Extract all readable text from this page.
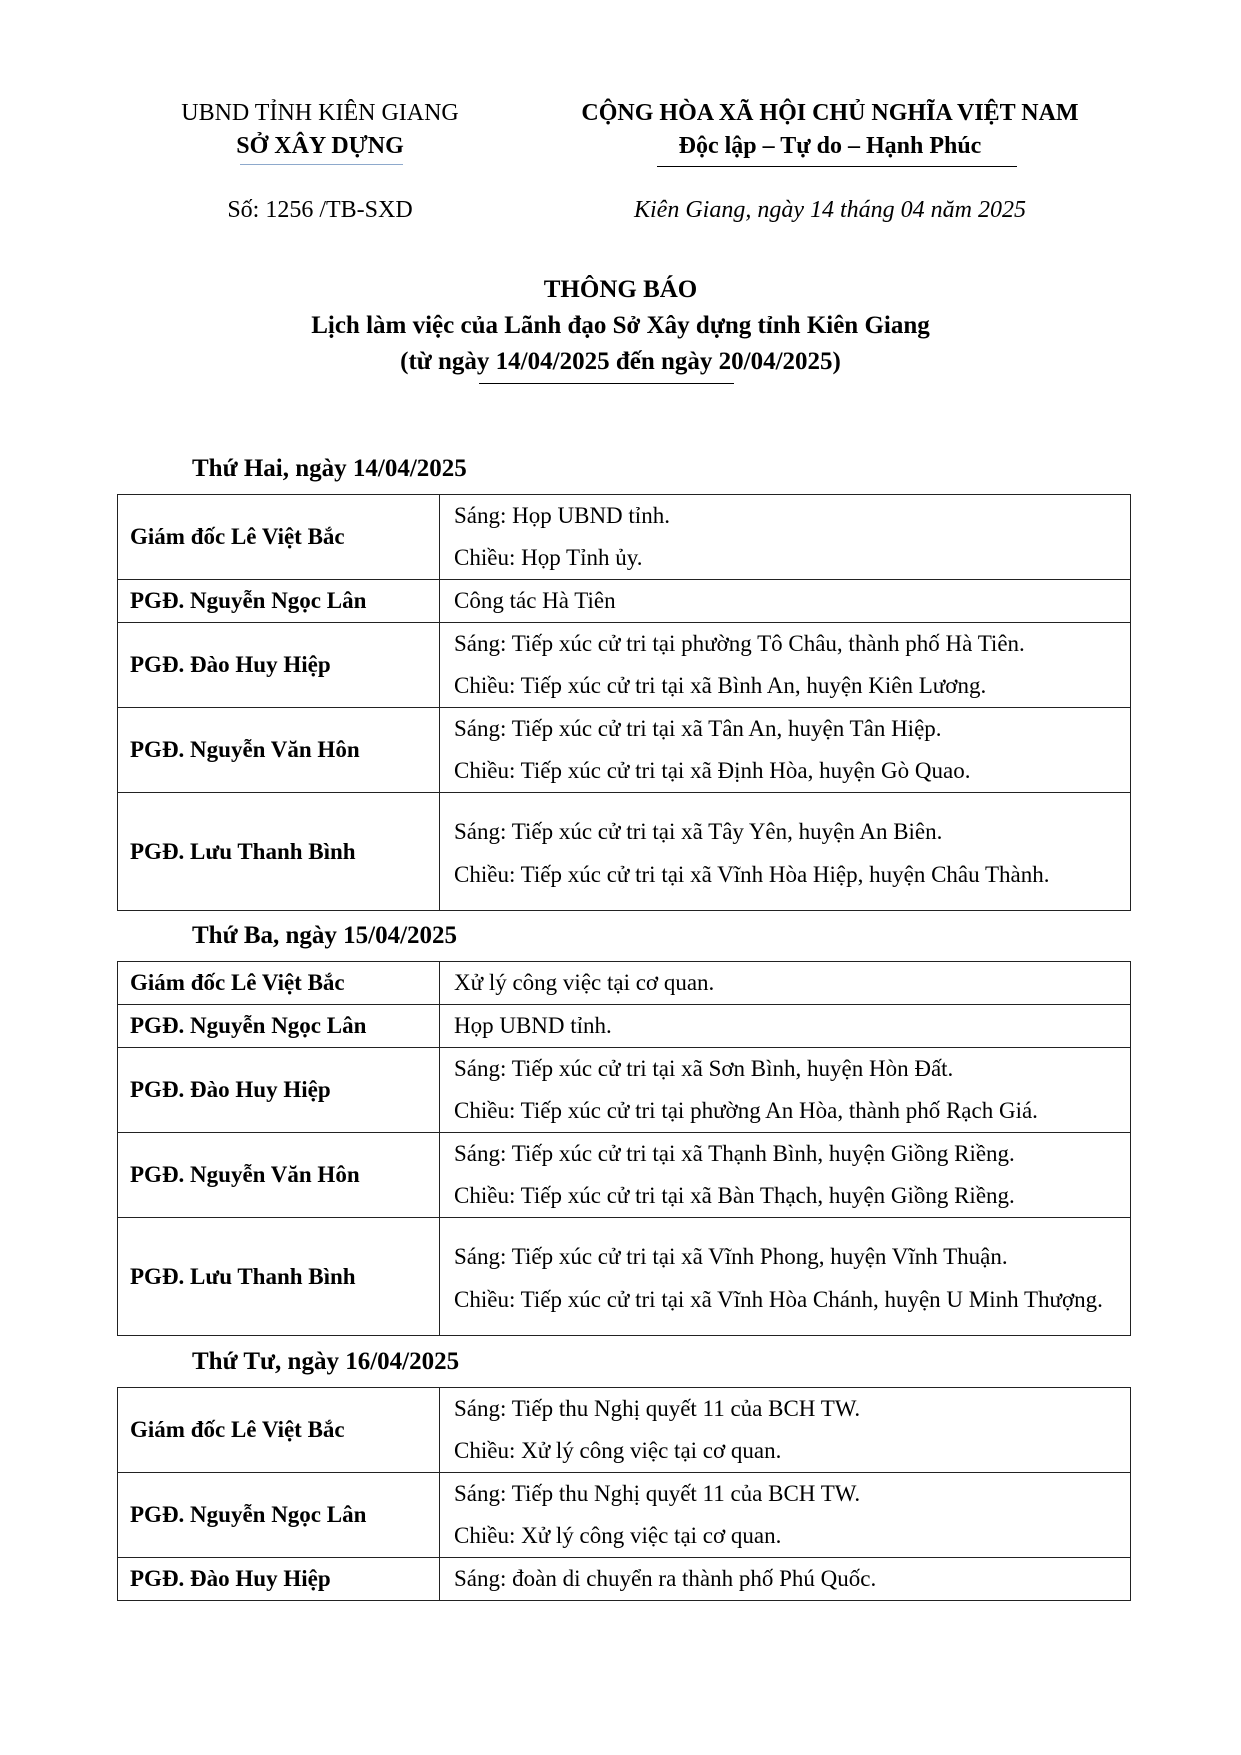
UBND TỈNH KIÊN GIANG
SỞ XÂY DỰNG
CỘNG HÒA XÃ HỘI CHỦ NGHĨA VIỆT NAM
Độc lập – Tự do – Hạnh Phúc
Số: 1256 /TB-SXD	Kiên Giang, ngày 14 tháng 04 năm 2025
THÔNG BÁO
Lịch làm việc của Lãnh đạo Sở Xây dựng tỉnh Kiên Giang
(từ ngày 14/04/2025 đến ngày 20/04/2025)
Thứ Hai, ngày 14/04/2025
Giám đốc Lê Việt Bắc	Sáng: Họp UBND tỉnh.
Chiều: Họp Tỉnh ủy.

PGĐ. Nguyễn Ngọc Lân	Công tác Hà Tiên

PGĐ. Đào Huy Hiệp	Sáng: Tiếp xúc cử tri tại phường Tô Châu, thành phố Hà Tiên.
Chiều: Tiếp xúc cử tri tại xã Bình An, huyện Kiên Lương.

PGĐ. Nguyễn Văn Hôn	Sáng: Tiếp xúc cử tri tại xã Tân An, huyện Tân Hiệp.
Chiều: Tiếp xúc cử tri tại xã Định Hòa, huyện Gò Quao.

PGĐ. Lưu Thanh Bình	Sáng: Tiếp xúc cử tri tại xã Tây Yên, huyện An Biên.
Chiều: Tiếp xúc cử tri tại xã Vĩnh Hòa Hiệp, huyện Châu Thành.
Thứ Ba, ngày 15/04/2025
Giám đốc Lê Việt Bắc	Xử lý công việc tại cơ quan.

PGĐ. Nguyễn Ngọc Lân	Họp UBND tỉnh.

PGĐ. Đào Huy Hiệp	Sáng: Tiếp xúc cử tri tại xã Sơn Bình, huyện Hòn Đất.
Chiều: Tiếp xúc cử tri tại phường An Hòa, thành phố Rạch Giá.

PGĐ. Nguyễn Văn Hôn	Sáng: Tiếp xúc cử tri tại xã Thạnh Bình, huyện Giồng Riềng.
Chiều: Tiếp xúc cử tri tại xã Bàn Thạch, huyện Giồng Riềng.

PGĐ. Lưu Thanh Bình	Sáng: Tiếp xúc cử tri tại xã Vĩnh Phong, huyện Vĩnh Thuận.
Chiều: Tiếp xúc cử tri tại xã Vĩnh Hòa Chánh, huyện U Minh Thượng.
Thứ Tư, ngày 16/04/2025
Giám đốc Lê Việt Bắc	Sáng: Tiếp thu Nghị quyết 11 của BCH TW.
Chiều: Xử lý công việc tại cơ quan.

PGĐ. Nguyễn Ngọc Lân	Sáng: Tiếp thu Nghị quyết 11 của BCH TW.
Chiều: Xử lý công việc tại cơ quan.

PGĐ. Đào Huy Hiệp	Sáng: đoàn di chuyển ra thành phố Phú Quốc.
